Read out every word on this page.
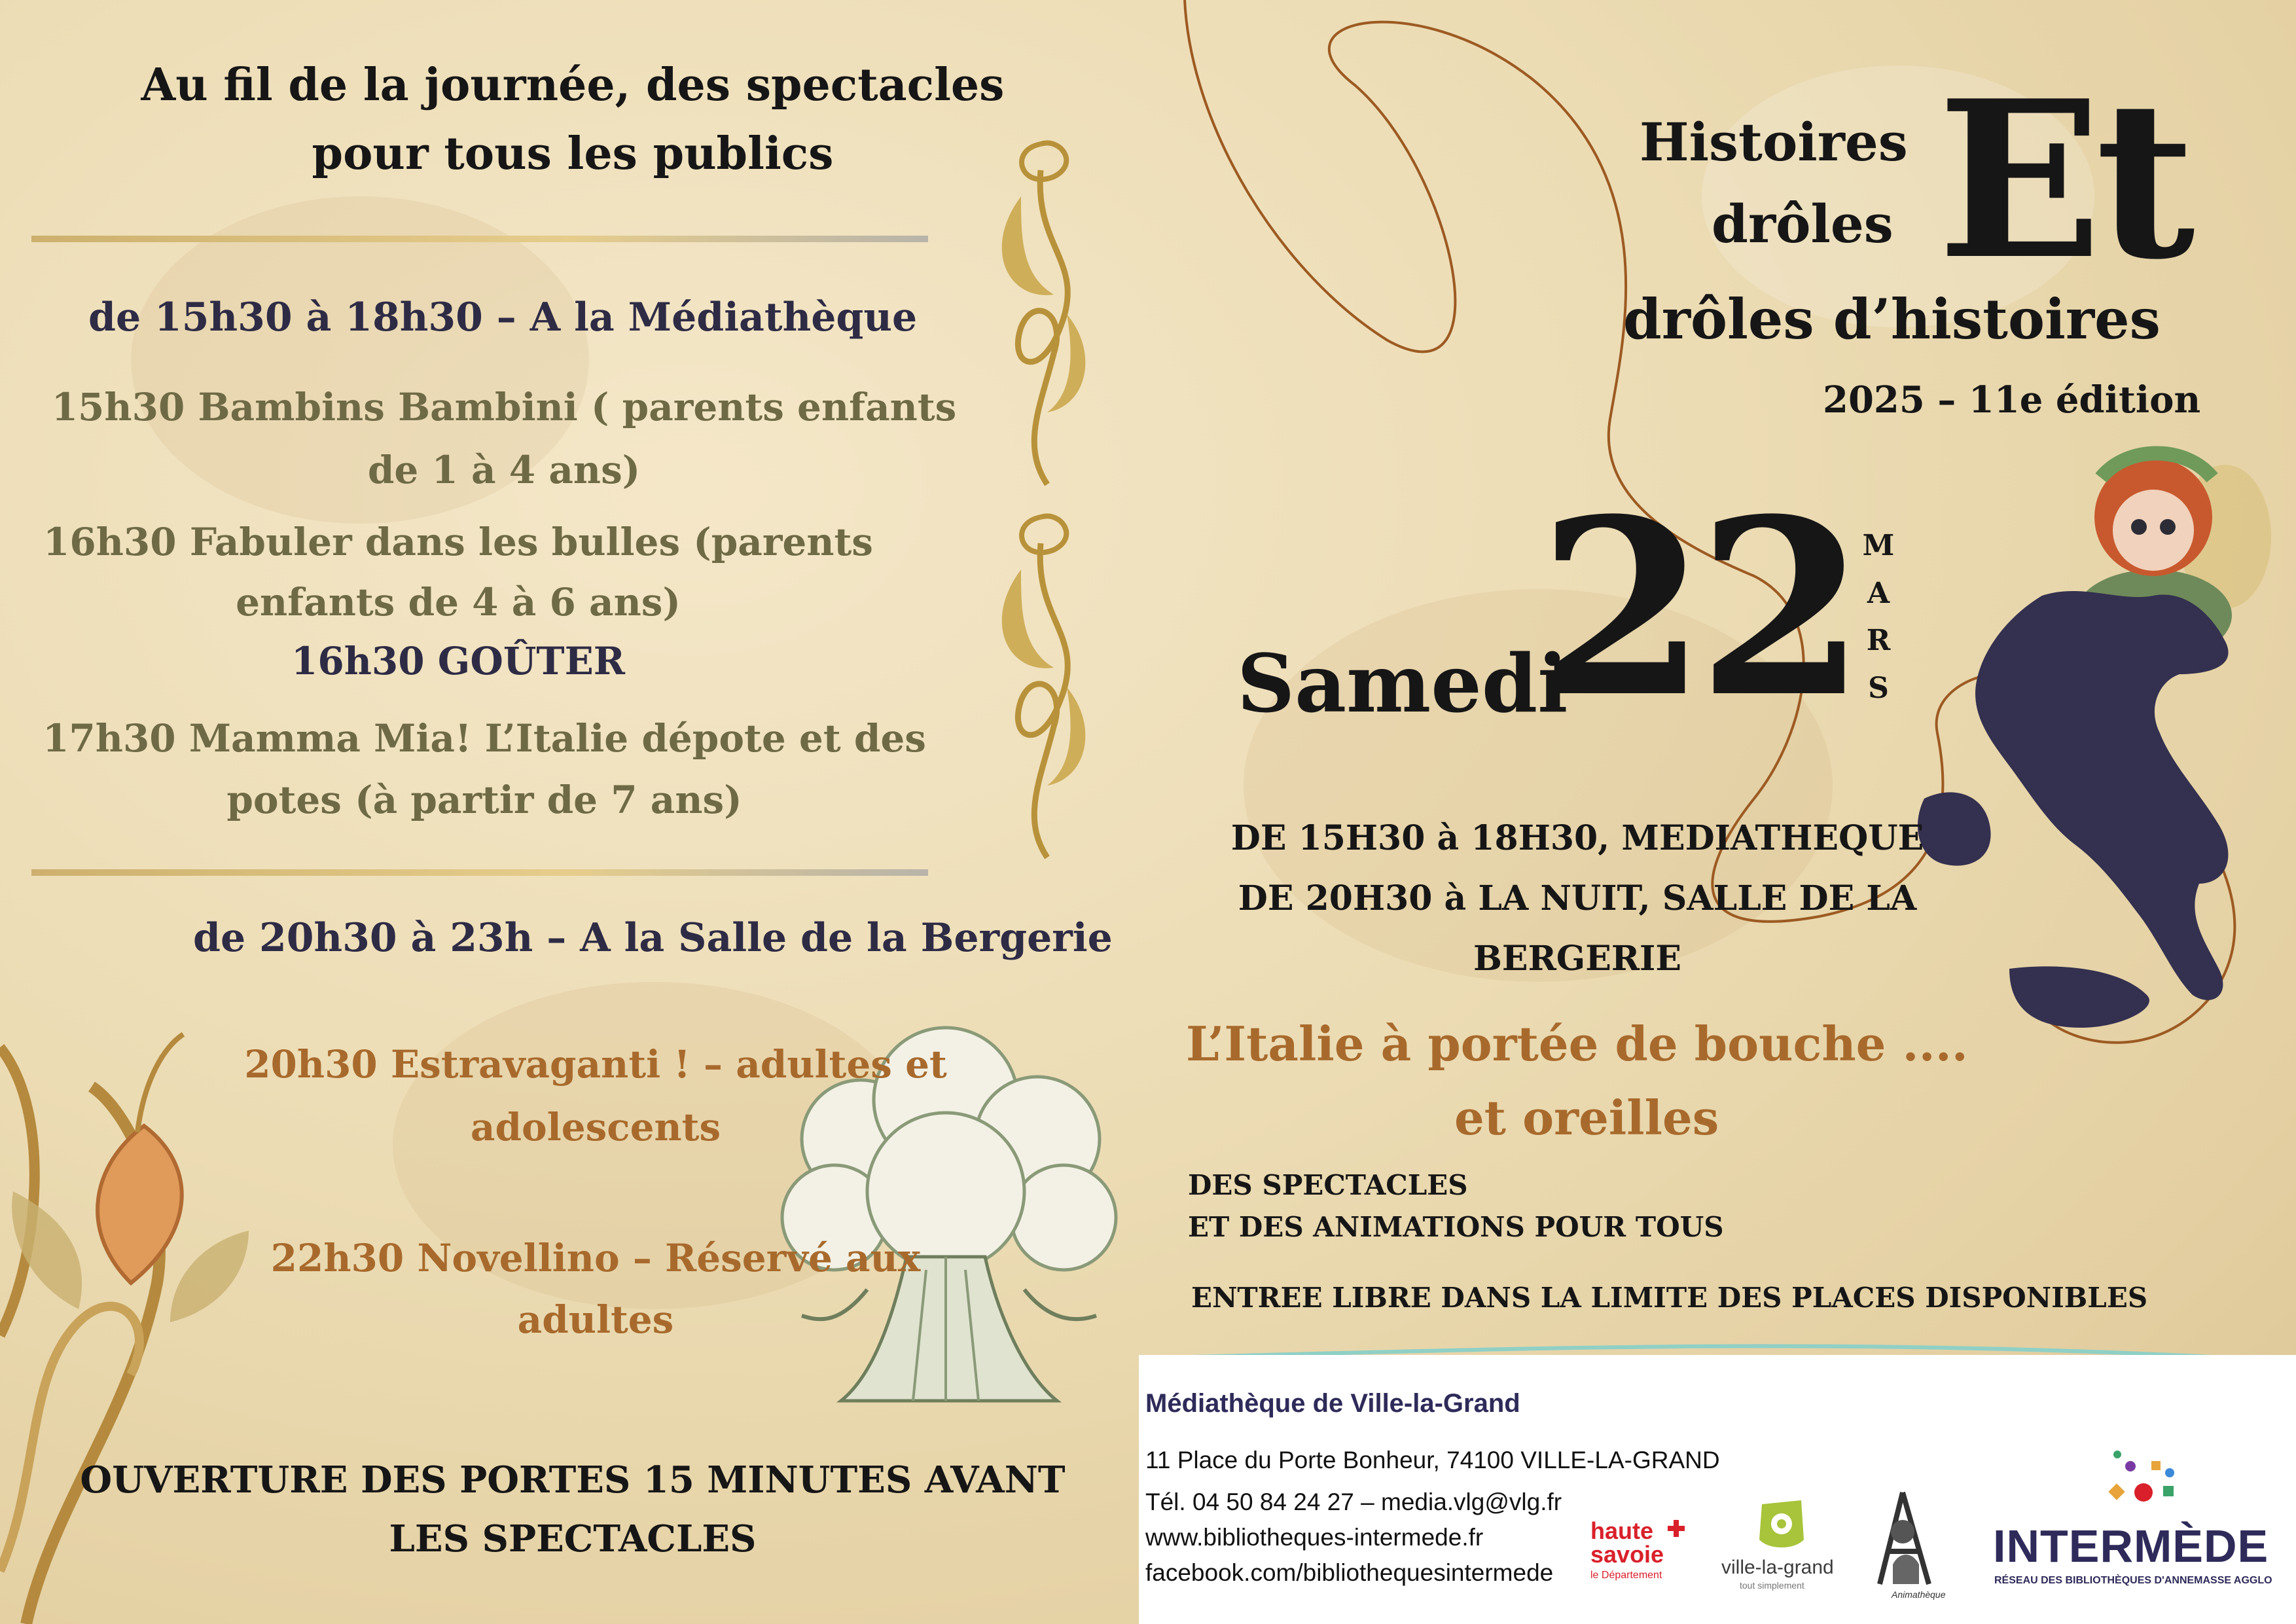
Au fil de la journée, des spectacles
pour tous les publics
de 15h30 à 18h30 – A la Médiathèque
15h30 Bambins Bambini ( parents enfants
de 1 à 4 ans)
16h30 Fabuler dans les bulles (parents
enfants de 4 à 6 ans)
16h30 GOÛTER
17h30 Mamma Mia! L’Italie dépote et des
potes (à partir de 7 ans)
de 20h30 à 23h – A la Salle de la Bergerie
20h30 Estravaganti ! – adultes et
adolescents
22h30 Novellino – Réservé aux
adultes
OUVERTURE DES PORTES 15 MINUTES AVANT
LES SPECTACLES
Histoires
drôles Et
drôles d’histoires
2025 – 11e édition
Samedi
22 M
A
R
S
DE 15H30 à 18H30, MEDIATHEQUE
DE 20H30 à LA NUIT, SALLE DE LA
BERGERIE
L’Italie à portée de bouche ....
et oreilles
DES SPECTACLES
ET DES ANIMATIONS POUR TOUS
ENTREE LIBRE DANS LA LIMITE DES PLACES DISPONIBLES
Médiathèque de Ville-la-Grand
11 Place du Porte Bonheur, 74100 VILLE-LA-GRAND
Tél. 04 50 84 24 27 – media.vlg@vlg.fr
www.bibliotheques-intermede.fr
facebook.com/bibliothequesintermede
haute
savoie
le Département	ville-la-grand
tout simplement
Animathèque
INTERMÈDE
RÉSEAU DES BIBLIOTHÈQUES D'ANNEMASSE AGGLO
